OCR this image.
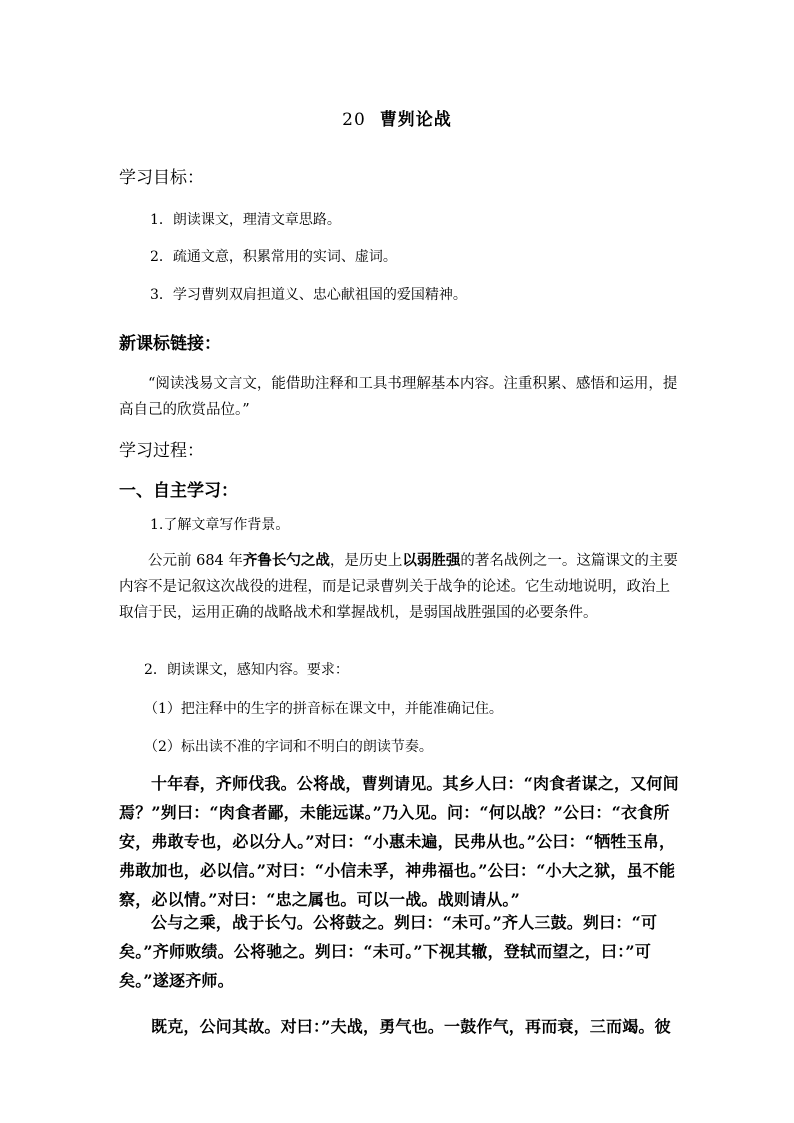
20 曹刿论战
学习目标：
1．朗读课文，理清文章思路。
2．疏通文意，积累常用的实词、虚词。
3．学习曹刿双肩担道义、忠心献祖国的爱国精神。
新课标链接：
“阅读浅易文言文，能借助注释和工具书理解基本内容。注重积累、感悟和运用，提高自己的欣赏品位。”
学习过程：
一、自主学习：
1.了解文章写作背景。
公元前 684 年齐鲁长勺之战，是历史上以弱胜强的著名战例之一。这篇课文的主要内容不是记叙这次战役的进程，而是记录曹刿关于战争的论述。它生动地说明，政治上取信于民，运用正确的战略战术和掌握战机，是弱国战胜强国的必要条件。
2．朗读课文，感知内容。要求：
（1）把注释中的生字的拼音标在课文中，并能准确记住。
（2）标出读不准的字词和不明白的朗读节奏。
十年春，齐师伐我。公将战，曹刿请见。其乡人曰：“肉食者谋之，又何间焉？”刿曰：“肉食者鄙，未能远谋。”乃入见。问：“何以战？”公曰：“衣食所安，弗敢专也，必以分人。”对曰：“小惠未遍，民弗从也。”公曰：“牺牲玉帛，弗敢加也，必以信。”对曰：“小信未孚，神弗福也。”公曰：“小大之狱，虽不能察，必以情。”对曰：“忠之属也。可以一战。战则请从。”
公与之乘，战于长勺。公将鼓之。刿曰：“未可。”齐人三鼓。刿曰：“可矣。”齐师败绩。公将驰之。刿曰：“未可。”下视其辙，登轼而望之，曰：”可矣。”遂逐齐师。
既克，公问其故。对曰：”夫战，勇气也。一鼓作气，再而衰，三而竭。彼
